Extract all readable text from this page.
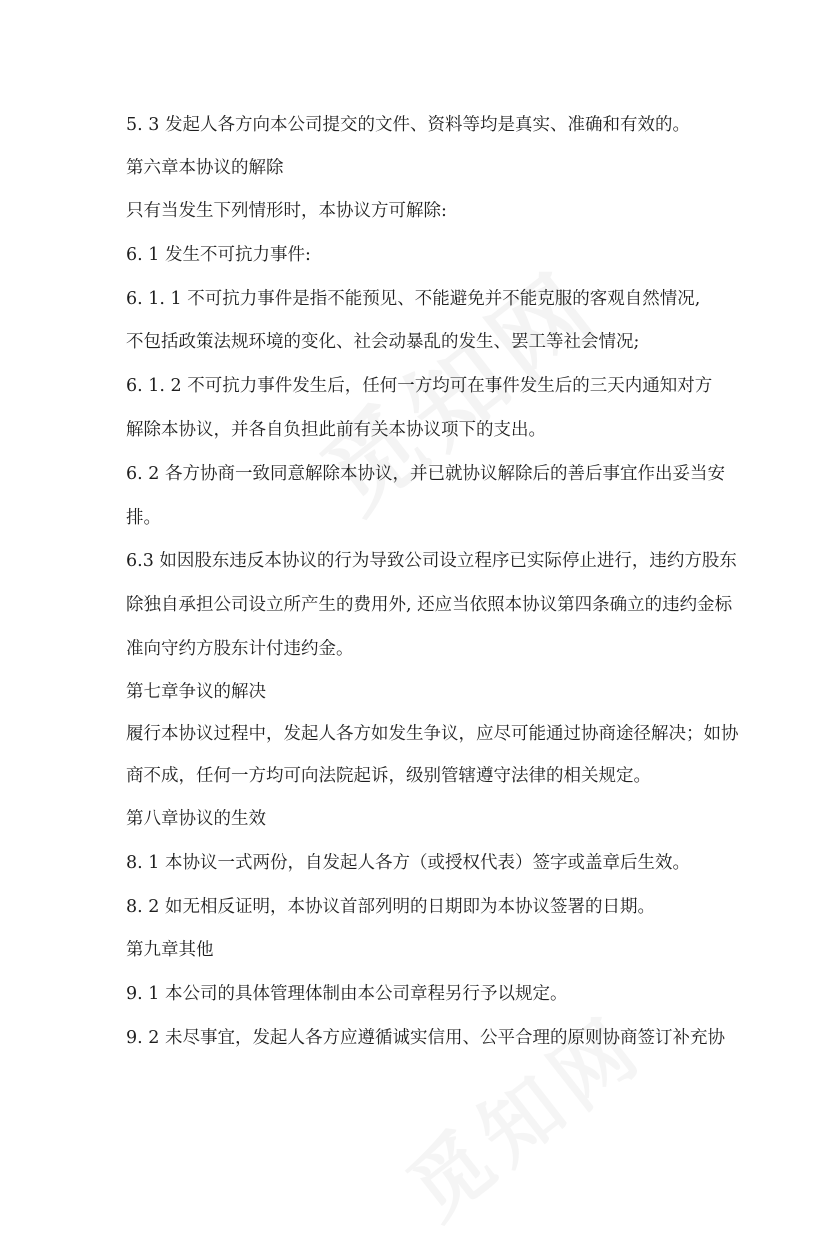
5. 3 发起人各方向本公司提交的文件、资料等均是真实、准确和有效的。
第六章本协议的解除
只有当发生下列情形时，本协议方可解除:
6. 1 发生不可抗力事件:
6. 1. 1 不可抗力事件是指不能预见、不能避免并不能克服的客观自然情况,
不包括政策法规环境的变化、社会动暴乱的发生、罢工等社会情况;
6. 1. 2 不可抗力事件发生后，任何一方均可在事件发生后的三天内通知对方
解除本协议，并各自负担此前有关本协议项下的支出。
6. 2 各方协商一致同意解除本协议，并已就协议解除后的善后事宜作出妥当安
排。
6.3 如因股东违反本协议的行为导致公司设立程序已实际停止进行，违约方股东
除独自承担公司设立所产生的费用外, 还应当依照本协议第四条确立的违约金标
准向守约方股东计付违约金。
第七章争议的解决
履行本协议过程中，发起人各方如发生争议，应尽可能通过协商途径解决；如协
商不成，任何一方均可向法院起诉，级别管辖遵守法律的相关规定。
第八章协议的生效
8. 1 本协议一式两份，自发起人各方（或授权代表）签字或盖章后生效。
8. 2 如无相反证明，本协议首部列明的日期即为本协议签署的日期。
第九章其他
9. 1 本公司的具体管理体制由本公司章程另行予以规定。
9. 2 未尽事宜，发起人各方应遵循诚实信用、公平合理的原则协商签订补充协
